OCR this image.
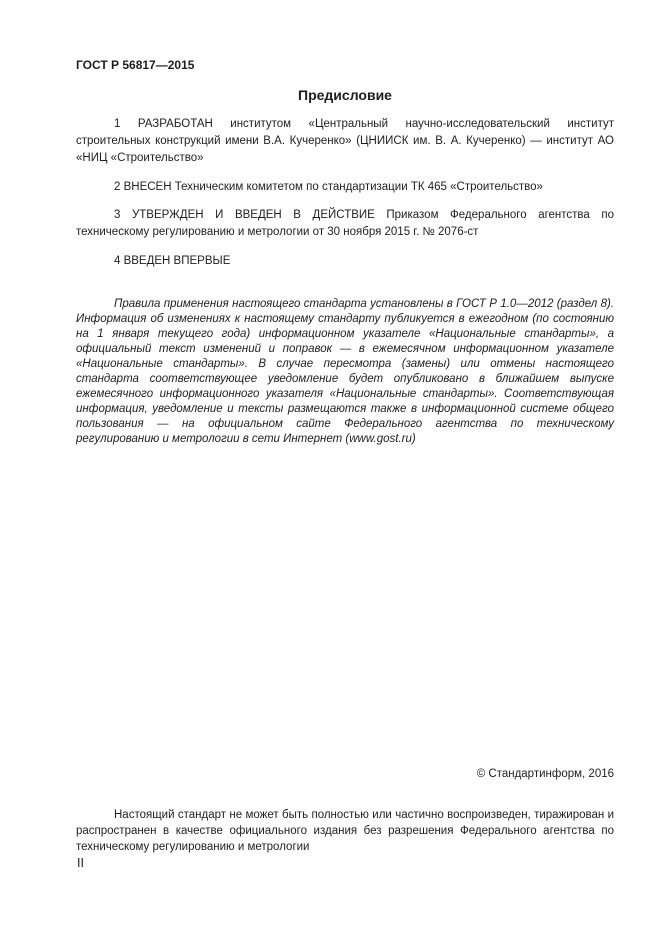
ГОСТ Р 56817—2015
Предисловие

1 РАЗРАБОТАН институтом «Центральный научно-исследовательский институт строительных конструкций имени В.А. Кучеренко» (ЦНИИСК им. В. А. Кучеренко) — институт АО «НИЦ «Строительство»

2 ВНЕСЕН Техническим комитетом по стандартизации ТК 465 «Строительство»

3 УТВЕРЖДЕН И ВВЕДЕН В ДЕЙСТВИЕ Приказом Федерального агентства по техническому регулированию и метрологии от 30 ноября 2015 г. № 2076-ст

4 ВВЕДЕН ВПЕРВЫЕ

Правила применения настоящего стандарта установлены в ГОСТ Р 1.0—2012 (раздел 8). Информация об изменениях к настоящему стандарту публикуется в ежегодном (по состоянию на 1 января текущего года) информационном указателе «Национальные стандарты», а официальный текст изменений и поправок — в ежемесячном информационном указателе «Национальные стандарты». В случае пересмотра (замены) или отмены настоящего стандарта соответствующее уведомление будет опубликовано в ближайшем выпуске ежемесячного информационного указателя «Национальные стандарты». Соответствующая информация, уведомление и тексты размещаются также в информационной системе общего пользования — на официальном сайте Федерального агентства по техническому регулированию и метрологии в сети Интернет (www.gost.ru)

© Стандартинформ, 2016

Настоящий стандарт не может быть полностью или частично воспроизведен, тиражирован и распространен в качестве официального издания без разрешения Федерального агентства по техническому регулированию и метрологии

II
